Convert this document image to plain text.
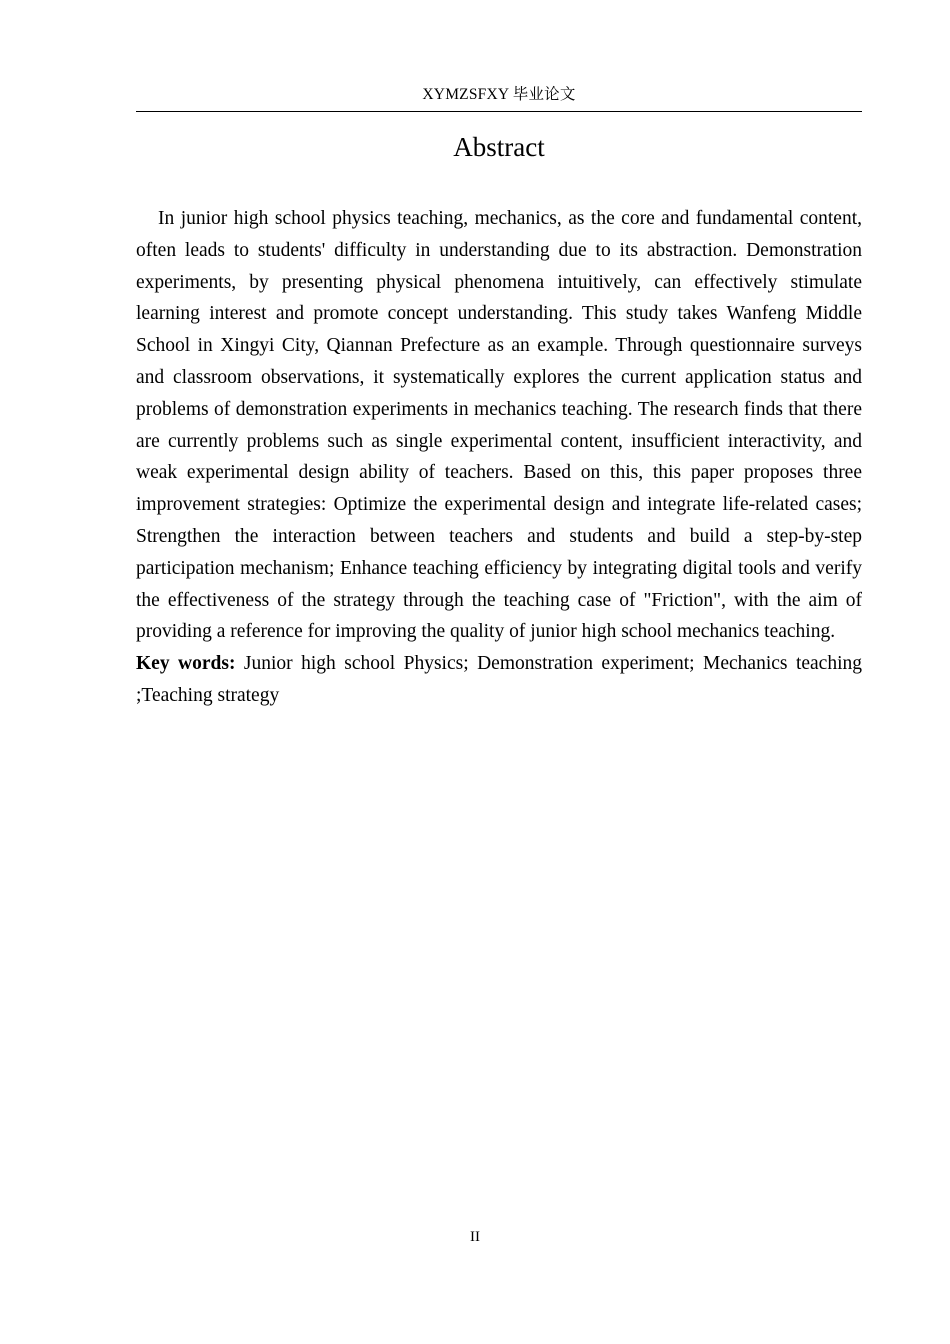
XYMZSFXY 毕业论文
Abstract

In junior high school physics teaching, mechanics, as the core and fundamental content, often leads to students' difficulty in understanding due to its abstraction. Demonstration experiments, by presenting physical phenomena intuitively, can effectively stimulate learning interest and promote concept understanding. This study takes Wanfeng Middle School in Xingyi City, Qiannan Prefecture as an example. Through questionnaire surveys and classroom observations, it systematically explores the current application status and problems of demonstration experiments in mechanics teaching. The research finds that there are currently problems such as single experimental content, insufficient interactivity, and weak experimental design ability of teachers. Based on this, this paper proposes three improvement strategies: Optimize the experimental design and integrate life-related cases; Strengthen the interaction between teachers and students and build a step-by-step participation mechanism; Enhance teaching efficiency by integrating digital tools and verify the effectiveness of the strategy through the teaching case of "Friction", with the aim of providing a reference for improving the quality of junior high school mechanics teaching.

Key words: Junior high school Physics; Demonstration experiment; Mechanics teaching ;Teaching strategy

II
